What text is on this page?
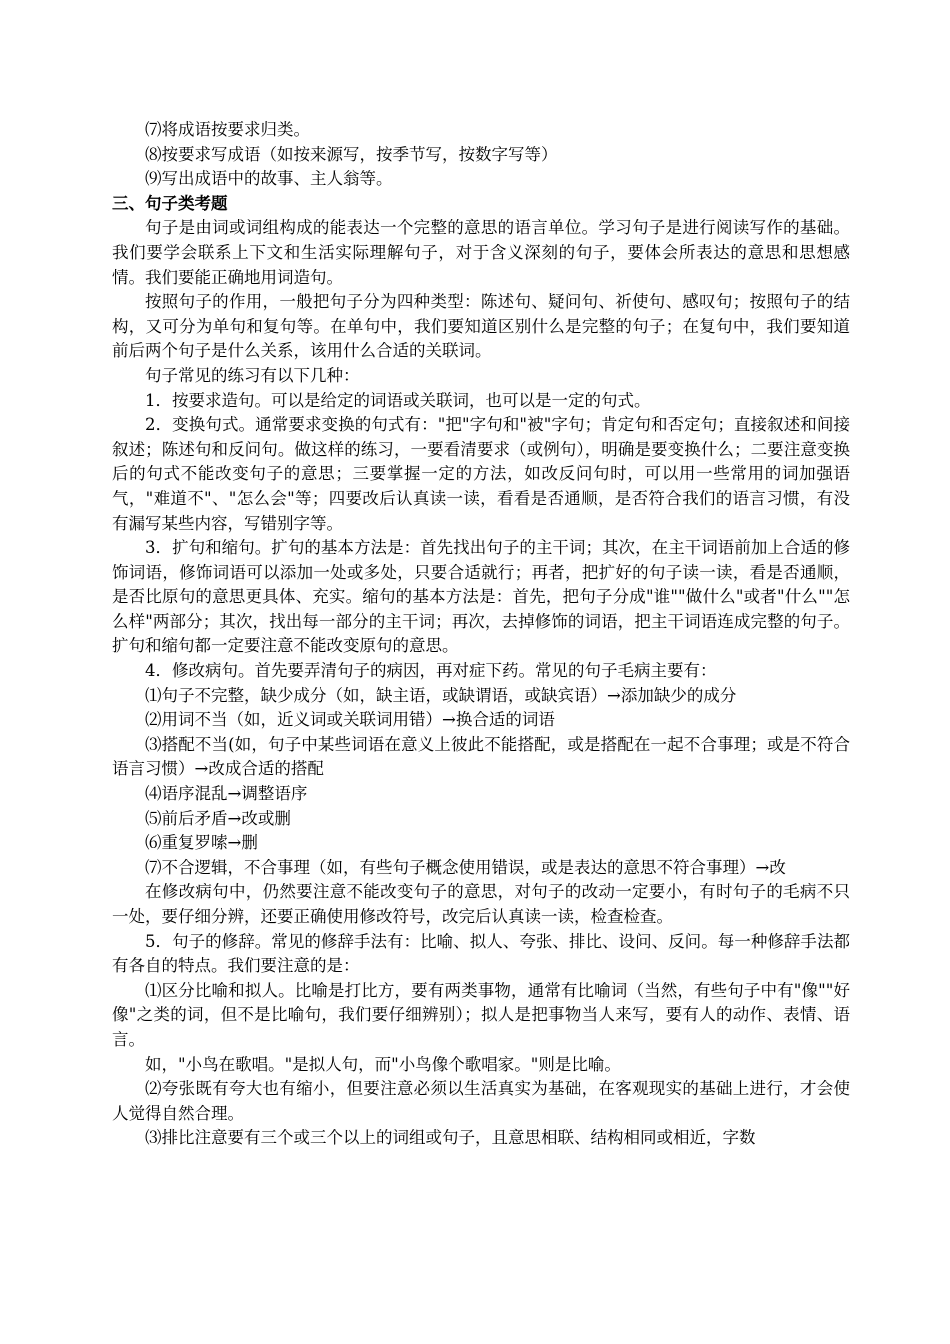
⑺将成语按要求归类。

⑻按要求写成语（如按来源写，按季节写，按数字写等）

⑼写出成语中的故事、主人翁等。

三、句子类考题

句子是由词或词组构成的能表达一个完整的意思的语言单位。学习句子是进行阅读写作的基础。我们要学会联系上下文和生活实际理解句子，对于含义深刻的句子，要体会所表达的意思和思想感情。我们要能正确地用词造句。

按照句子的作用，一般把句子分为四种类型：陈述句、疑问句、祈使句、感叹句；按照句子的结构，又可分为单句和复句等。在单句中，我们要知道区别什么是完整的句子；在复句中，我们要知道前后两个句子是什么关系，该用什么合适的关联词。

句子常见的练习有以下几种：

1．按要求造句。可以是给定的词语或关联词，也可以是一定的句式。

2．变换句式。通常要求变换的句式有："把"字句和"被"字句；肯定句和否定句；直接叙述和间接叙述；陈述句和反问句。做这样的练习，一要看清要求（或例句），明确是要变换什么；二要注意变换后的句式不能改变句子的意思；三要掌握一定的方法，如改反问句时，可以用一些常用的词加强语气，"难道不"、"怎么会"等；四要改后认真读一读，看看是否通顺，是否符合我们的语言习惯，有没有漏写某些内容，写错别字等。

3．扩句和缩句。扩句的基本方法是：首先找出句子的主干词；其次，在主干词语前加上合适的修饰词语，修饰词语可以添加一处或多处，只要合适就行；再者，把扩好的句子读一读，看是否通顺，是否比原句的意思更具体、充实。缩句的基本方法是：首先，把句子分成"谁""做什么"或者"什么""怎么样"两部分；其次，找出每一部分的主干词；再次，去掉修饰的词语，把主干词语连成完整的句子。扩句和缩句都一定要注意不能改变原句的意思。

4．修改病句。首先要弄清句子的病因，再对症下药。常见的句子毛病主要有：

⑴句子不完整，缺少成分（如，缺主语，或缺谓语，或缺宾语）→添加缺少的成分

⑵用词不当（如，近义词或关联词用错）→换合适的词语

⑶搭配不当(如，句子中某些词语在意义上彼此不能搭配，或是搭配在一起不合事理；或是不符合语言习惯）→改成合适的搭配

⑷语序混乱→调整语序

⑸前后矛盾→改或删

⑹重复罗嗦→删

⑺不合逻辑，不合事理（如，有些句子概念使用错误，或是表达的意思不符合事理）→改

在修改病句中，仍然要注意不能改变句子的意思，对句子的改动一定要小，有时句子的毛病不只一处，要仔细分辨，还要正确使用修改符号，改完后认真读一读，检查检查。

5．句子的修辞。常见的修辞手法有：比喻、拟人、夸张、排比、设问、反问。每一种修辞手法都有各自的特点。我们要注意的是：

⑴区分比喻和拟人。比喻是打比方，要有两类事物，通常有比喻词（当然，有些句子中有"像""好像"之类的词，但不是比喻句，我们要仔细辨别）；拟人是把事物当人来写，要有人的动作、表情、语言。

如，"小鸟在歌唱。"是拟人句，而"小鸟像个歌唱家。"则是比喻。

⑵夸张既有夸大也有缩小，但要注意必须以生活真实为基础，在客观现实的基础上进行，才会使人觉得自然合理。

⑶排比注意要有三个或三个以上的词组或句子，且意思相联、结构相同或相近，字数
